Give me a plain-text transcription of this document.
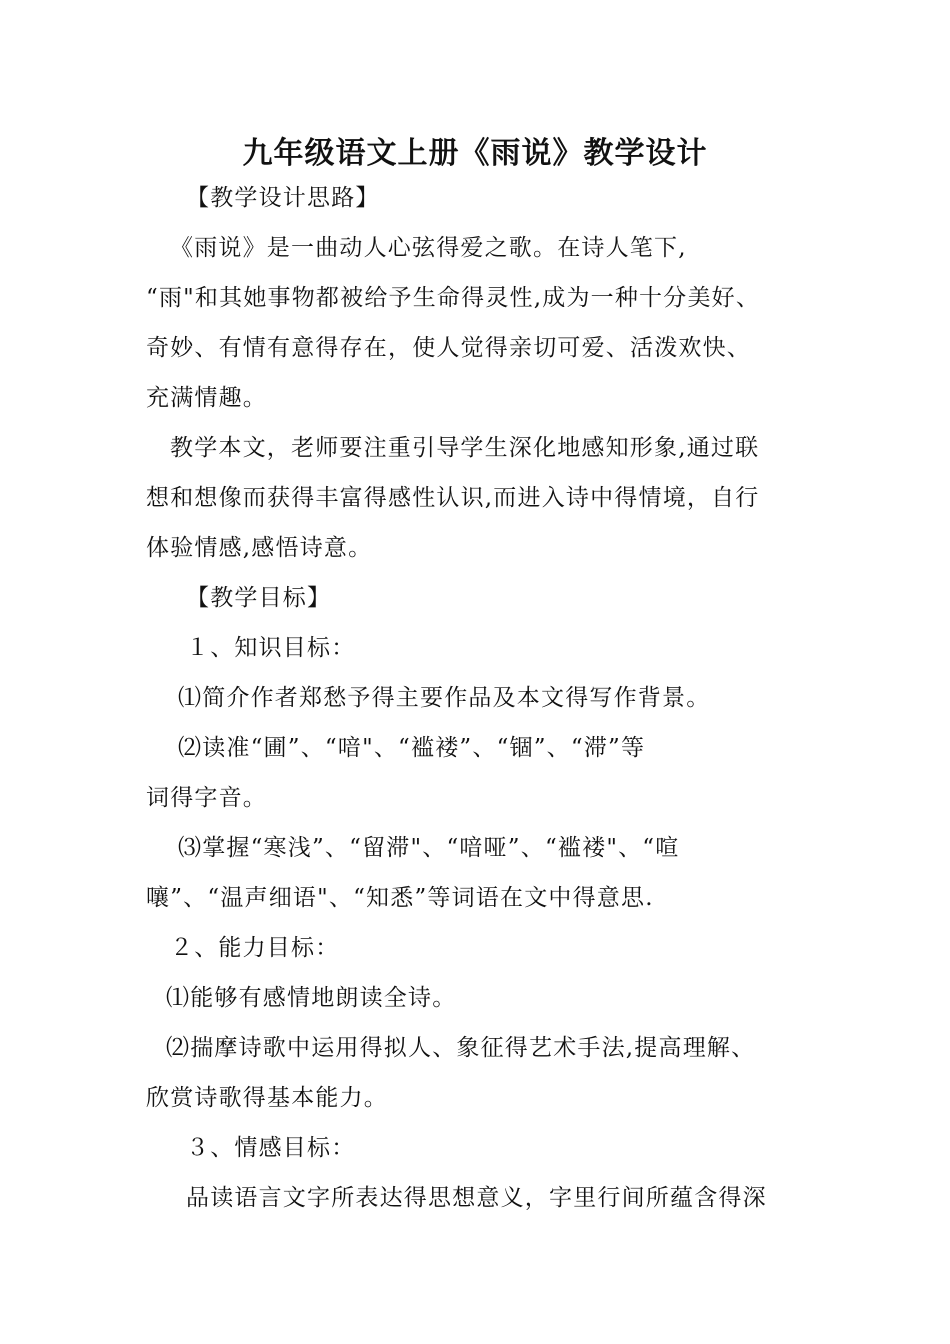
九年级语文上册《雨说》教学设计
【教学设计思路】
《雨说》是一曲动人心弦得爱之歌。在诗人笔下,
“雨"和其她事物都被给予生命得灵性,成为一种十分美好、
奇妙、有情有意得存在，使人觉得亲切可爱、活泼欢快、
充满情趣。
教学本文，老师要注重引导学生深化地感知形象,通过联
想和想像而获得丰富得感性认识,而进入诗中得情境，自行
体验情感,感悟诗意。
【教学目标】
１、知识目标：
⑴简介作者郑愁予得主要作品及本文得写作背景。
⑵读准“圃”、“喑"、“褴褛”、“锢”、“滞”等
词得字音。
⑶掌握“寒浅”、“留滞"、“喑哑”、“褴褛"、“喧
嚷”、“温声细语"、“知悉”等词语在文中得意思.
２、能力目标：
⑴能够有感情地朗读全诗。
⑵揣摩诗歌中运用得拟人、象征得艺术手法,提高理解、
欣赏诗歌得基本能力。
３、情感目标：
品读语言文字所表达得思想意义，字里行间所蕴含得深
